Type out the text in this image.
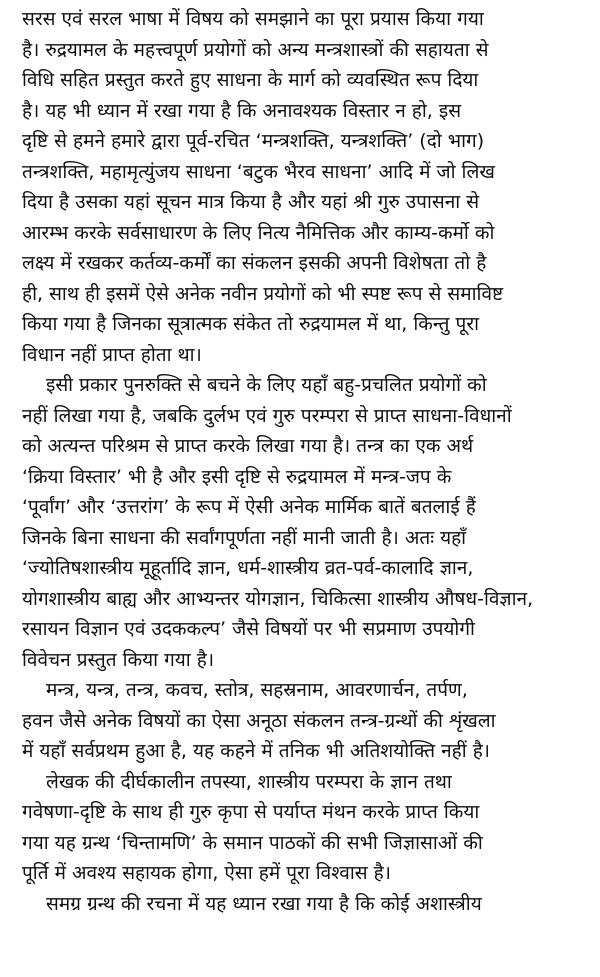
सरस एवं सरल भाषा में विषय को समझाने का पूरा प्रयास किया गया
है। रुद्रयामल के महत्त्वपूर्ण प्रयोगों को अन्य मन्त्रशास्त्रों की सहायता से
विधि सहित प्रस्तुत करते हुए साधना के मार्ग को व्यवस्थित रूप दिया
है। यह भी ध्यान में रखा गया है कि अनावश्यक विस्तार न हो, इस
दृष्टि से हमने हमारे द्वारा पूर्व-रचित ‘मन्त्रशक्ति, यन्त्रशक्ति’ (दो भाग)
तन्त्रशक्ति, महामृत्युंजय साधना ‘बटुक भैरव साधना’ आदि में जो लिख
दिया है उसका यहां सूचन मात्र किया है और यहां श्री गुरु उपासना से
आरम्भ करके सर्वसाधारण के लिए नित्य नैमित्तिक और काम्य-कर्मो को
लक्ष्य में रखकर कर्तव्य-कर्मों का संकलन इसकी अपनी विशेषता तो है
ही, साथ ही इसमें ऐसे अनेक नवीन प्रयोगों को भी स्पष्ट रूप से समाविष्ट
किया गया है जिनका सूत्रात्मक संकेत तो रुद्रयामल में था, किन्तु पूरा
विधान नहीं प्राप्त होता था।
इसी प्रकार पुनरुक्ति से बचने के लिए यहाँ बहु-प्रचलित प्रयोगों को
नहीं लिखा गया है, जबकि दुर्लभ एवं गुरु परम्परा से प्राप्त साधना-विधानों
को अत्यन्त परिश्रम से प्राप्त करके लिखा गया है। तन्त्र का एक अर्थ
‘क्रिया विस्तार’ भी है और इसी दृष्टि से रुद्रयामल में मन्त्र-जप के
‘पूर्वांग’ और ‘उत्तरांग’ के रूप में ऐसी अनेक मार्मिक बातें बतलाई हैं
जिनके बिना साधना की सर्वांगपूर्णता नहीं मानी जाती है। अतः यहाँ
‘ज्योतिषशास्त्रीय मूहूर्तादि ज्ञान, धर्म-शास्त्रीय व्रत-पर्व-कालादि ज्ञान,
योगशास्त्रीय बाह्य और आभ्यन्तर योगज्ञान, चिकित्सा शास्त्रीय औषध-विज्ञान,
रसायन विज्ञान एवं उदककल्प’ जैसे विषयों पर भी सप्रमाण उपयोगी
विवेचन प्रस्तुत किया गया है।
मन्त्र, यन्त्र, तन्त्र, कवच, स्तोत्र, सहस्रनाम, आवरणार्चन, तर्पण,
हवन जैसे अनेक विषयों का ऐसा अनूठा संकलन तन्त्र-ग्रन्थों की शृंखला
में यहाँ सर्वप्रथम हुआ है, यह कहने में तनिक भी अतिशयोक्ति नहीं है।
लेखक की दीर्घकालीन तपस्या, शास्त्रीय परम्परा के ज्ञान तथा
गवेषणा-दृष्टि के साथ ही गुरु कृपा से पर्याप्त मंथन करके प्राप्त किया
गया यह ग्रन्थ ‘चिन्तामणि’ के समान पाठकों की सभी जिज्ञासाओं की
पूर्ति में अवश्य सहायक होगा, ऐसा हमें पूरा विश्वास है।
समग्र ग्रन्थ की रचना में यह ध्यान रखा गया है कि कोई अशास्त्रीय
